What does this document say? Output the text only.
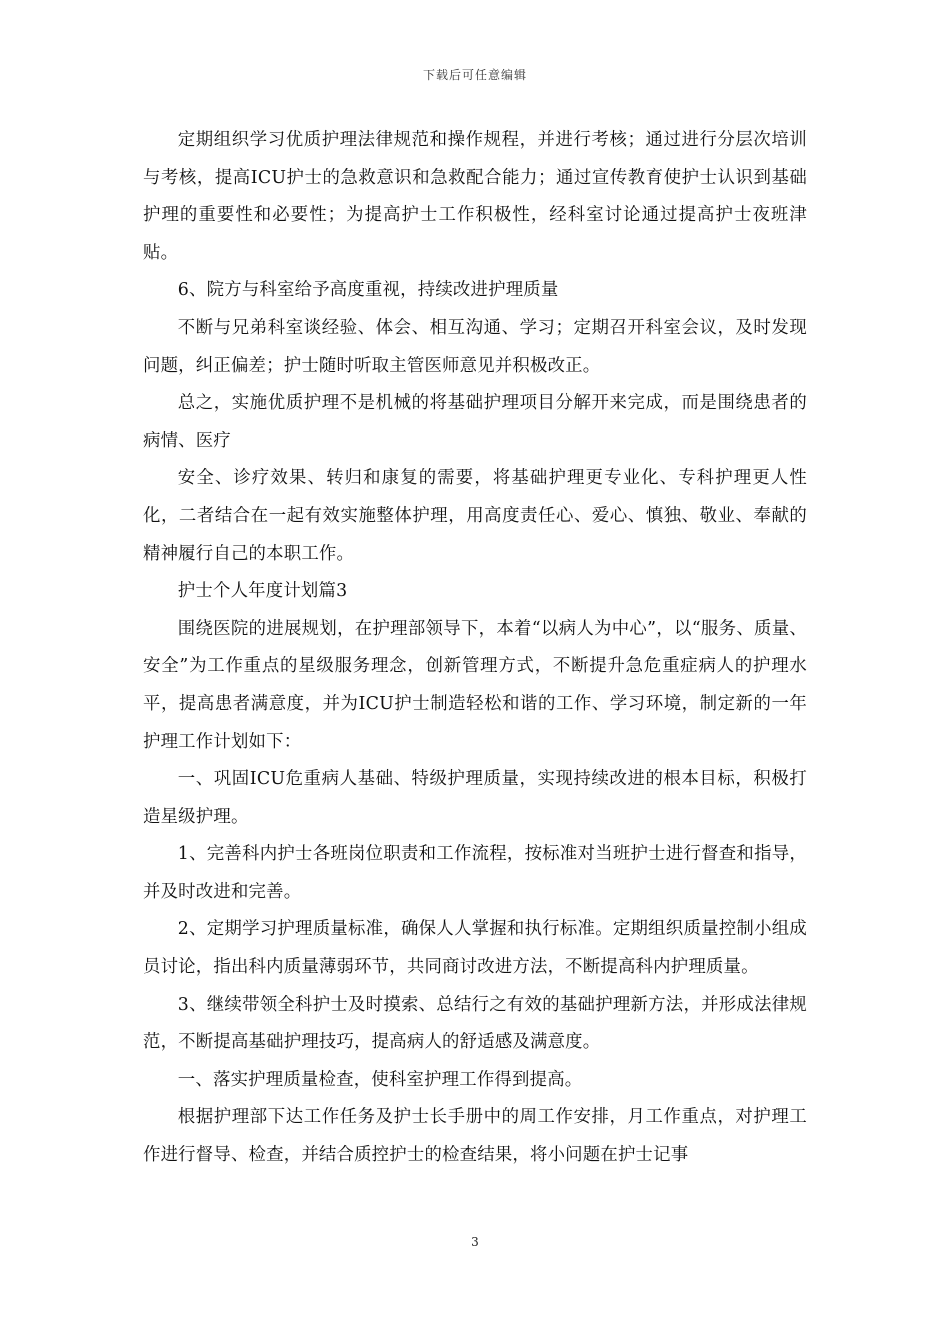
下载后可任意编辑

定期组织学习优质护理法律规范和操作规程，并进行考核；通过进行分层次培训与考核，提高ICU护士的急救意识和急救配合能力；通过宣传教育使护士认识到基础护理的重要性和必要性；为提高护士工作积极性，经科室讨论通过提高护士夜班津贴。

6、院方与科室给予高度重视，持续改进护理质量

不断与兄弟科室谈经验、体会、相互沟通、学习；定期召开科室会议，及时发现问题，纠正偏差；护士随时听取主管医师意见并积极改正。

总之，实施优质护理不是机械的将基础护理项目分解开来完成，而是围绕患者的病情、医疗

安全、诊疗效果、转归和康复的需要，将基础护理更专业化、专科护理更人性化，二者结合在一起有效实施整体护理，用高度责任心、爱心、慎独、敬业、奉献的精神履行自己的本职工作。

护士个人年度计划篇3

围绕医院的进展规划，在护理部领导下，本着“以病人为中心”，以“服务、质量、安全”为工作重点的星级服务理念，创新管理方式，不断提升急危重症病人的护理水平，提高患者满意度，并为ICU护士制造轻松和谐的工作、学习环境，制定新的一年护理工作计划如下：

一、巩固ICU危重病人基础、特级护理质量，实现持续改进的根本目标，积极打造星级护理。

1、完善科内护士各班岗位职责和工作流程，按标准对当班护士进行督查和指导，并及时改进和完善。

2、定期学习护理质量标准，确保人人掌握和执行标准。定期组织质量控制小组成员讨论，指出科内质量薄弱环节，共同商讨改进方法，不断提高科内护理质量。

3、继续带领全科护士及时摸索、总结行之有效的基础护理新方法，并形成法律规范，不断提高基础护理技巧，提高病人的舒适感及满意度。

一、落实护理质量检查，使科室护理工作得到提高。

根据护理部下达工作任务及护士长手册中的周工作安排，月工作重点，对护理工作进行督导、检查，并结合质控护士的检查结果，将小问题在护士记事

3
